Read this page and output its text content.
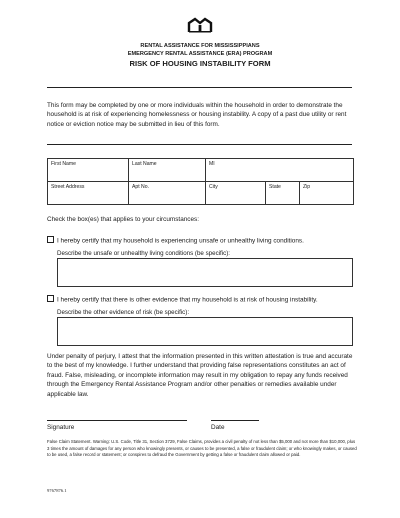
RENTAL ASSISTANCE FOR MISSISSIPPIANS
EMERGENCY RENTAL ASSISTANCE (ERA) PROGRAM
RISK OF HOUSING INSTABILITY FORM
This form may be completed by one or more individuals within the household in order to demonstrate the household is at risk of experiencing homelessness or housing instability. A copy of a past due utility or rent notice or eviction notice may be submitted in lieu of this form.
First Name	Last Name	MI		
Street Address	Apt No.	City	State	Zip
Check the box(es) that applies to your circumstances:
I hereby certify that my household is experiencing unsafe or unhealthy living conditions.
Describe the unsafe or unhealthy living conditions (be specific):
I hereby certify that there is other evidence that my household is at risk of housing instability.
Describe the other evidence of risk (be specific):
Under penalty of perjury, I attest that the information presented in this written attestation is true and accurate to the best of my knowledge. I further understand that providing false representations constitutes an act of fraud. False, misleading, or incomplete information may result in my obligation to repay any funds received through the Emergency Rental Assistance Program and/or other penalties or remedies available under applicable law.
Signature	Date
False Claim Statement. Warning: U.S. Code, Title 31, Section 3729, False Claims, provides a civil penalty of not less than $5,000 and not more than $10,000, plus 3 times the amount of damages for any person who knowingly presents, or causes to be presented, a false or fraudulent claim; or who knowingly makes, or caused to be used, a false record or statement; or conspires to defraud the Government by getting a false or fraudulent claim allowed or paid.
9767876.1
